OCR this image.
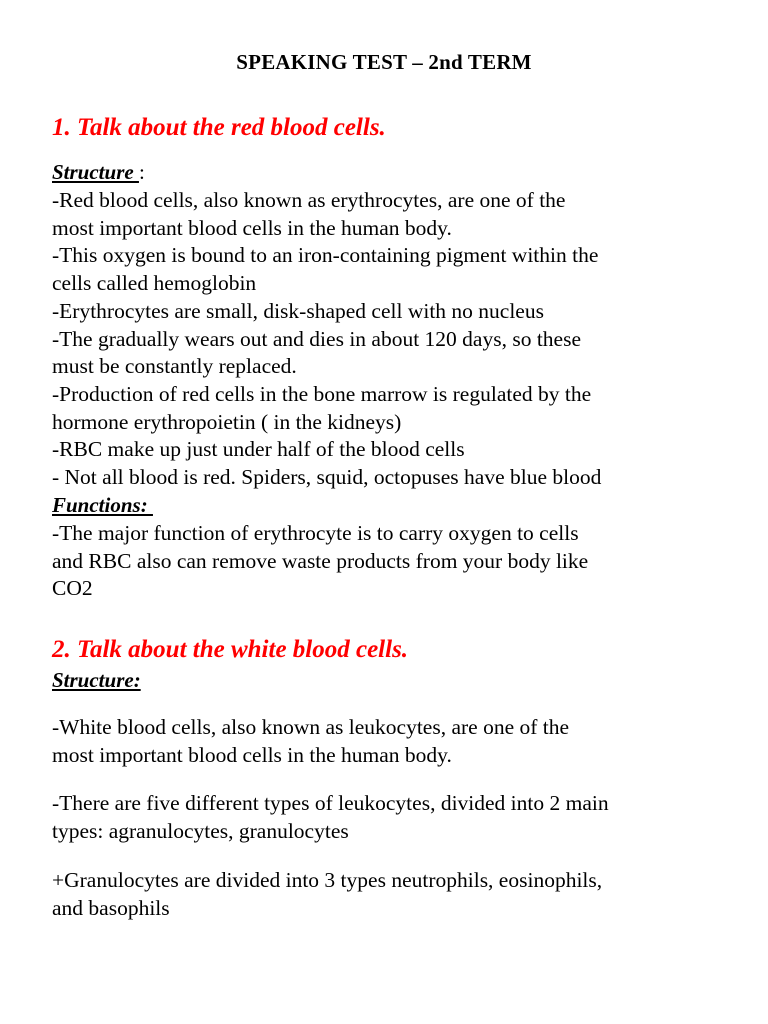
SPEAKING TEST – 2nd TERM
1. Talk about the red blood cells.
Structure :
-Red blood cells, also known as erythrocytes, are one of the
most important blood cells in the human body.
-This oxygen is bound to an iron-containing pigment within the
cells called hemoglobin
-Erythrocytes are small, disk-shaped cell with no nucleus
-The gradually wears out and dies in about 120 days, so these
must be constantly replaced.
-Production of red cells in the bone marrow is regulated by the
hormone erythropoietin ( in the kidneys)
-RBC make up just under half of the blood cells
- Not all blood is red. Spiders, squid, octopuses have blue blood
Functions:
-The major function of erythrocyte is to carry oxygen to cells
and RBC also can remove waste products from your body like
CO2
2. Talk about the white blood cells.
Structure:
-White blood cells, also known as leukocytes, are one of the
most important blood cells in the human body.
-There are five different types of leukocytes, divided into 2 main
types: agranulocytes, granulocytes
+Granulocytes are divided into 3 types neutrophils, eosinophils,
and basophils
